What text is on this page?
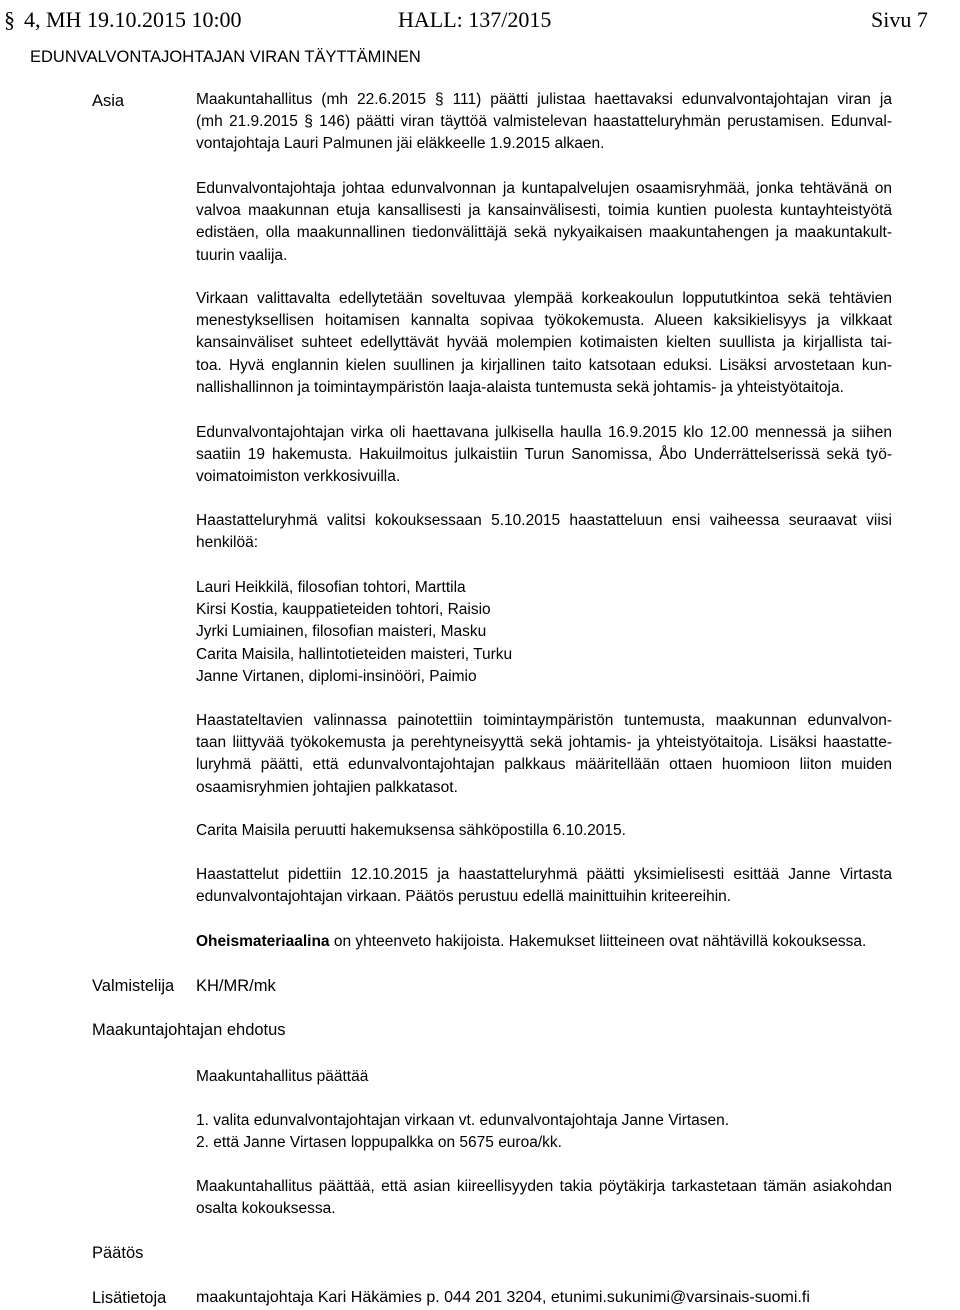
§ 4, MH 19.10.2015 10:00	HALL: 137/2015	Sivu 7
EDUNVALVONTAJOHTAJAN VIRAN TÄYTTÄMINEN
Asia	Maakuntahallitus (mh 22.6.2015 § 111) päätti julistaa haettavaksi edunvalvontajohtajan viran ja
(mh 21.9.2015 § 146) päätti viran täyttöä valmistelevan haastatteluryhmän perustamisen. Edunval-
vontajohtaja Lauri Palmunen jäi eläkkeelle 1.9.2015 alkaen.
Edunvalvontajohtaja johtaa edunvalvonnan ja kuntapalvelujen osaamisryhmää, jonka tehtävänä on
valvoa maakunnan etuja kansallisesti ja kansainvälisesti, toimia kuntien puolesta kuntayhteistyötä
edistäen, olla maakunnallinen tiedonvälittäjä sekä nykyaikaisen maakuntahengen ja maakuntakult-
tuurin vaalija.
Virkaan valittavalta edellytetään soveltuvaa ylempää korkeakoulun loppututkintoa sekä tehtävien
menestyksellisen hoitamisen kannalta sopivaa työkokemusta. Alueen kaksikielisyys ja vilkkaat
kansainväliset suhteet edellyttävät hyvää molempien kotimaisten kielten suullista ja kirjallista tai-
toa. Hyvä englannin kielen suullinen ja kirjallinen taito katsotaan eduksi. Lisäksi arvostetaan kun-
nallishallinnon ja toimintaympäristön laaja-alaista tuntemusta sekä johtamis- ja yhteistyötaitoja.
Edunvalvontajohtajan virka oli haettavana julkisella haulla 16.9.2015 klo 12.00 mennessä ja siihen
saatiin 19 hakemusta. Hakuilmoitus julkaistiin Turun Sanomissa, Åbo Underrättelserissä sekä työ-
voimatoimiston verkkosivuilla.
Haastatteluryhmä valitsi kokouksessaan 5.10.2015 haastatteluun ensi vaiheessa seuraavat viisi
henkilöä:
Lauri Heikkilä, filosofian tohtori, Marttila
Kirsi Kostia, kauppatieteiden tohtori, Raisio
Jyrki Lumiainen, filosofian maisteri, Masku
Carita Maisila, hallintotieteiden maisteri, Turku
Janne Virtanen, diplomi-insinööri, Paimio
Haastateltavien valinnassa painotettiin toimintaympäristön tuntemusta, maakunnan edunvalvon-
taan liittyvää työkokemusta ja perehtyneisyyttä sekä johtamis- ja yhteistyötaitoja. Lisäksi haastatte-
luryhmä päätti, että edunvalvontajohtajan palkkaus määritellään ottaen huomioon liiton muiden
osaamisryhmien johtajien palkkatasot.
Carita Maisila peruutti hakemuksensa sähköpostilla 6.10.2015.
Haastattelut pidettiin 12.10.2015 ja haastatteluryhmä päätti yksimielisesti esittää Janne Virtasta
edunvalvontajohtajan virkaan. Päätös perustuu edellä mainittuihin kriteereihin.
Oheismateriaalina on yhteenveto hakijoista. Hakemukset liitteineen ovat nähtävillä kokouksessa.
Valmistelija KH/MR/mk
Maakuntajohtajan ehdotus
Maakuntahallitus päättää
1. valita edunvalvontajohtajan virkaan vt. edunvalvontajohtaja Janne Virtasen.
2. että Janne Virtasen loppupalkka on 5675 euroa/kk.
Maakuntahallitus päättää, että asian kiireellisyyden takia pöytäkirja tarkastetaan tämän asiakohdan
osalta kokouksessa.
Päätös
Lisätietoja maakuntajohtaja Kari Häkämies p. 044 201 3204, etunimi.sukunimi@varsinais-suomi.fi
